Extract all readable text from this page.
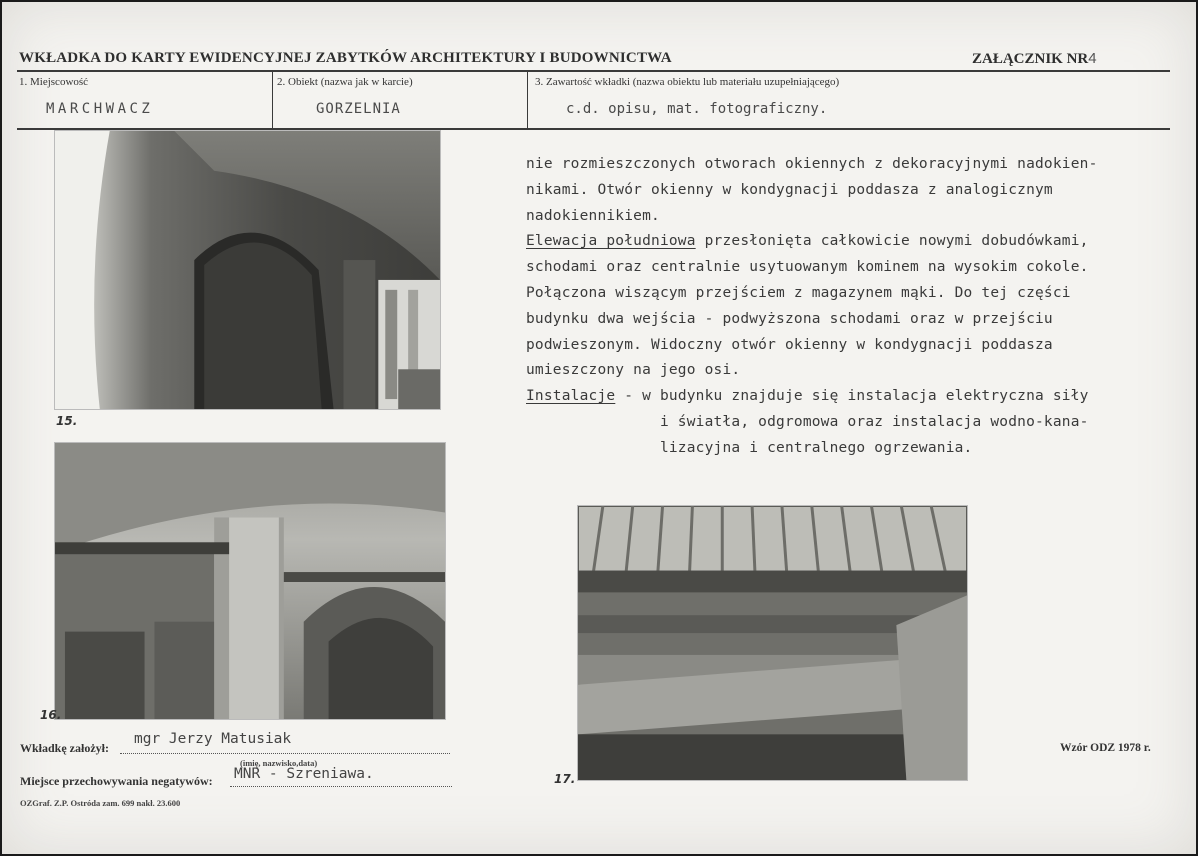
WKŁADKA DO KARTY EWIDENCYJNEJ ZABYTKÓW ARCHITEKTURY I BUDOWNICTWA	ZAŁĄCZNIK NR4
1. Miejscowość
MARCHWACZ
2. Obiekt (nazwa jak w karcie)
GORZELNIA
3. Zawartość wkładki (nazwa obiektu lub materiału uzupełniającego)
c.d. opisu, mat. fotograficzny.
15.
16.
17.
nie rozmieszczonych otworach okiennych z dekoracyjnymi nadokien-
nikami. Otwór okienny w kondygnacji poddasza z analogicznym
nadokiennikiem.
Elewacja południowa przesłonięta całkowicie nowymi dobudówkami,
schodami oraz centralnie usytuowanym kominem na wysokim cokole.
Połączona wiszącym przejściem z magazynem mąki. Do tej części
budynku dwa wejścia - podwyższona schodami oraz w przejściu
podwieszonym. Widoczny otwór okienny w kondygnacji poddasza
umieszczony na jego osi.
Instalacje - w budynku znajduje się instalacja elektryczna siły
i światła, odgromowa oraz instalacja wodno-kana-
lizacyjna i centralnego ogrzewania.
Wkładkę założył:
mgr Jerzy Matusiak
(imię, nazwisko,data)
Miejsce przechowywania negatywów: MNR - Szreniawa.
OZGraf. Z.P. Ostróda zam. 699 nakł. 23.600
Wzór ODZ 1978 r.
